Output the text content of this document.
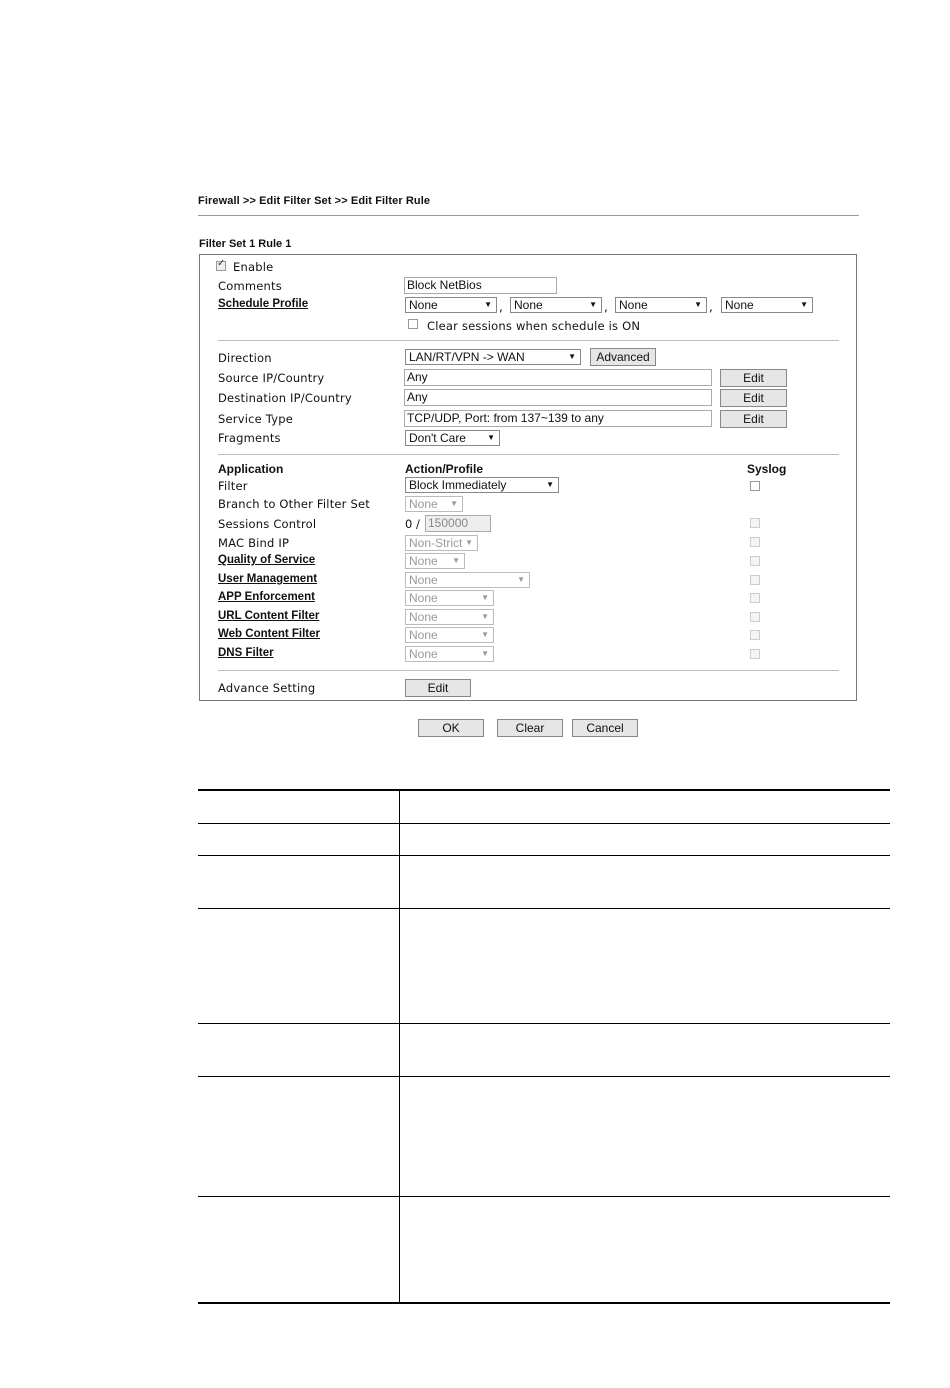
Firewall >> Edit Filter Set >> Edit Filter Rule
Filter Set 1 Rule 1
✓
Enable
Comments	Block NetBios
Schedule Profile	None	▼ , None	▼ , None	▼ ,	None	▼
Clear sessions when schedule is ON
Direction	LAN/RT/VPN -> WAN	▼	Advanced
Source IP/Country	Any	Edit
Destination IP/Country	Any	Edit
Service Type	TCP/UDP, Port: from 137~139 to any	Edit
Fragments	Don't Care	▼
Application	Action/Profile	Syslog
Filter	Block Immediately	▼
Branch to Other Filter Set	None ▼
Sessions Control	0 / 150000
MAC Bind IP	Non-Strict ▼
Quality of Service	None ▼
User Management	None	▼
APP Enforcement	None	▼
URL Content Filter	None	▼
Web Content Filter	None	▼
DNS Filter	None	▼
Advance Setting	Edit
OK	Clear	Cancel
